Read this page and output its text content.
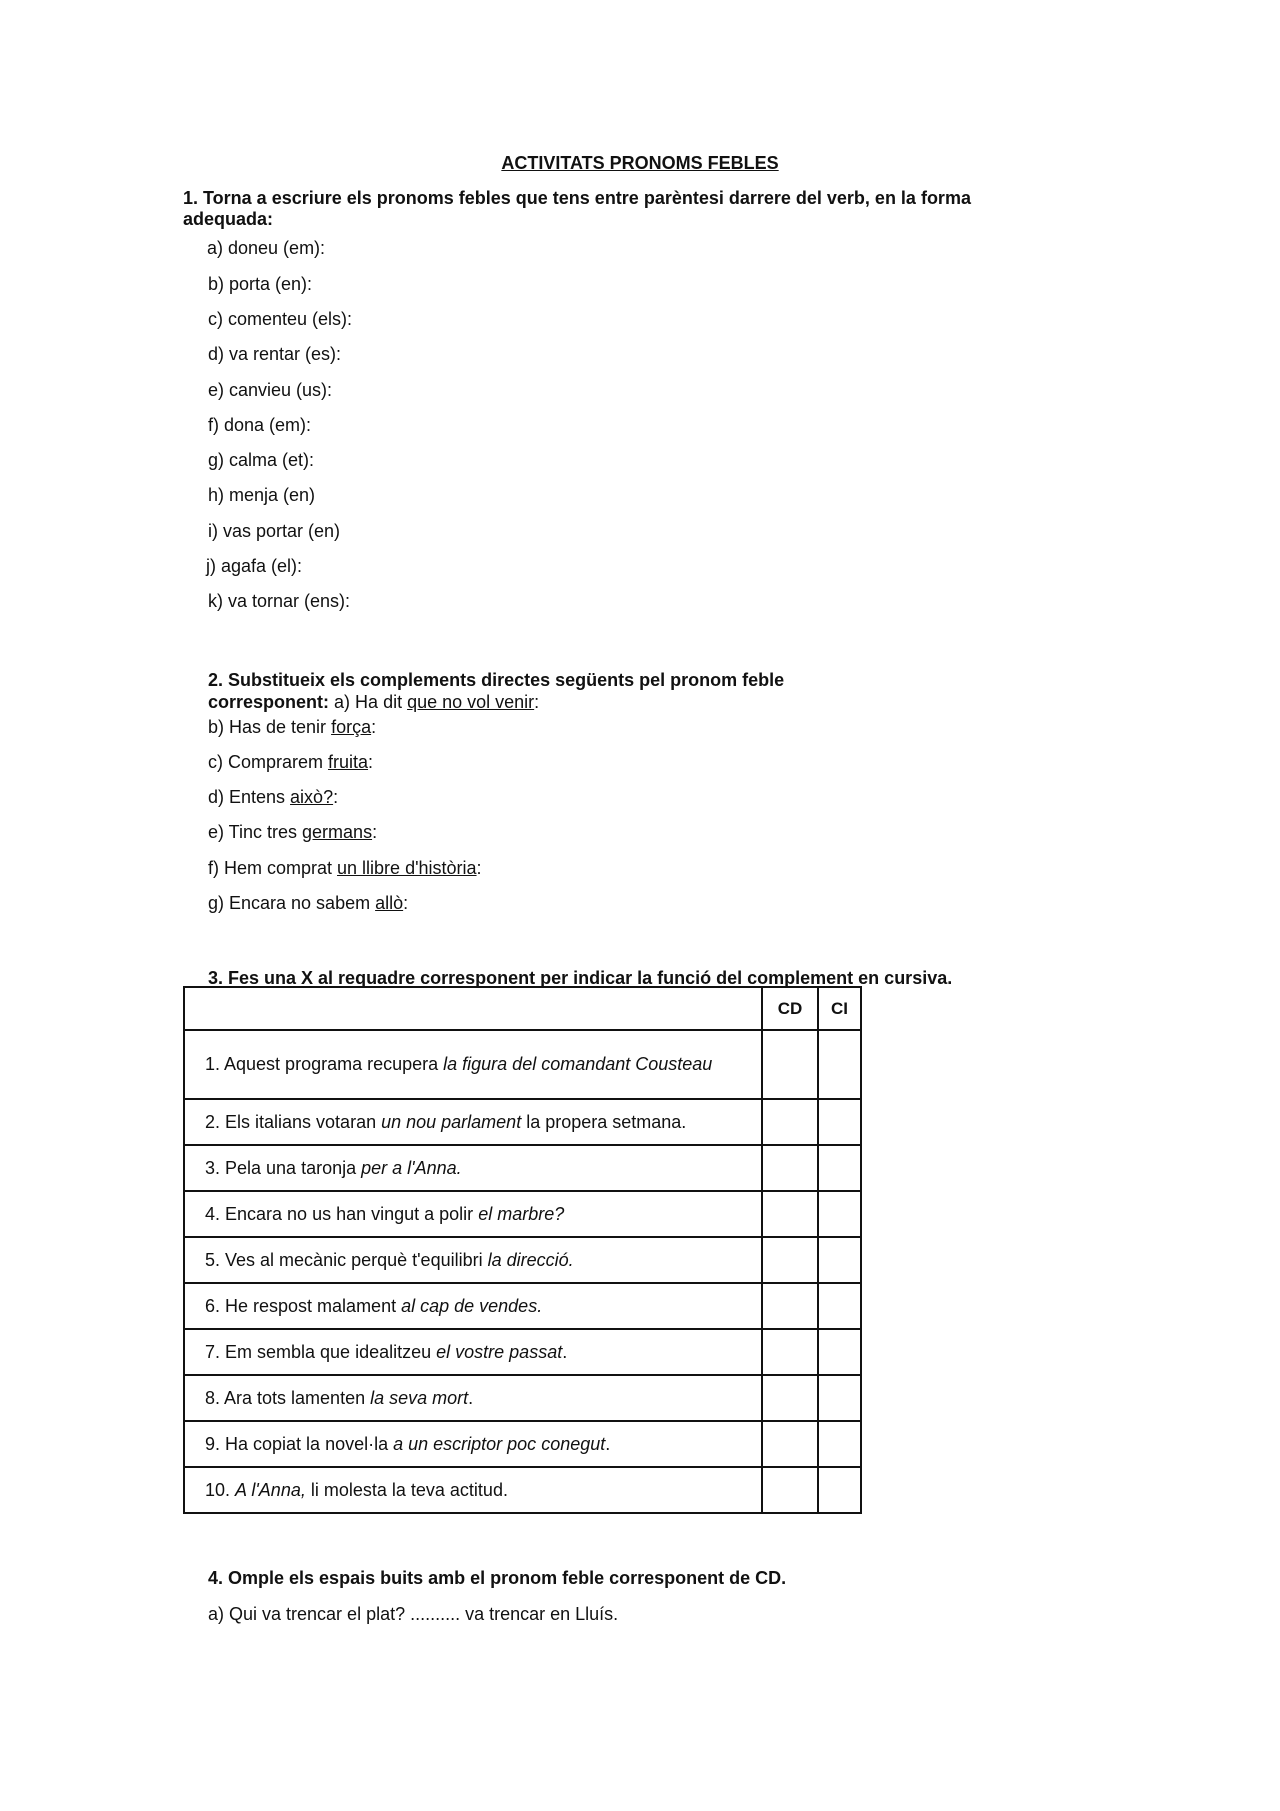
ACTIVITATS PRONOMS FEBLES
1. Torna a escriure els pronoms febles que tens entre parèntesi darrere del verb, en la forma adequada:
a) doneu (em):
b) porta (en):
c) comenteu (els):
d) va rentar (es):
e) canvieu (us):
f) dona (em):
g) calma (et):
h) menja (en)
i) vas portar (en)
j) agafa (el):
k) va tornar (ens):
2. Substitueix els complements directes següents pel pronom feble
corresponent: a) Ha dit que no vol venir:
b) Has de tenir força:
c) Comprarem fruita:
d) Entens això?:
e) Tinc tres germans:
f) Hem comprat un llibre d'història:
g) Encara no sabem allò:
3. Fes una X al requadre corresponent per indicar la funció del complement en cursiva.
	CD	CI

1. Aquest programa recupera la figura del comandant Cousteau		

2. Els italians votaran un nou parlament la propera setmana.		
3. Pela una taronja per a l'Anna.		
4. Encara no us han vingut a polir el marbre?		
5. Ves al mecànic perquè t'equilibri la direcció.		
6. He respost malament al cap de vendes.		
7. Em sembla que idealitzeu el vostre passat.		
8. Ara tots lamenten la seva mort.		
9. Ha copiat la novel·la a un escriptor poc conegut.		
10. A l'Anna, li molesta la teva actitud.		
4. Omple els espais buits amb el pronom feble corresponent de CD.
a) Qui va trencar el plat? .......... va trencar en Lluís.
